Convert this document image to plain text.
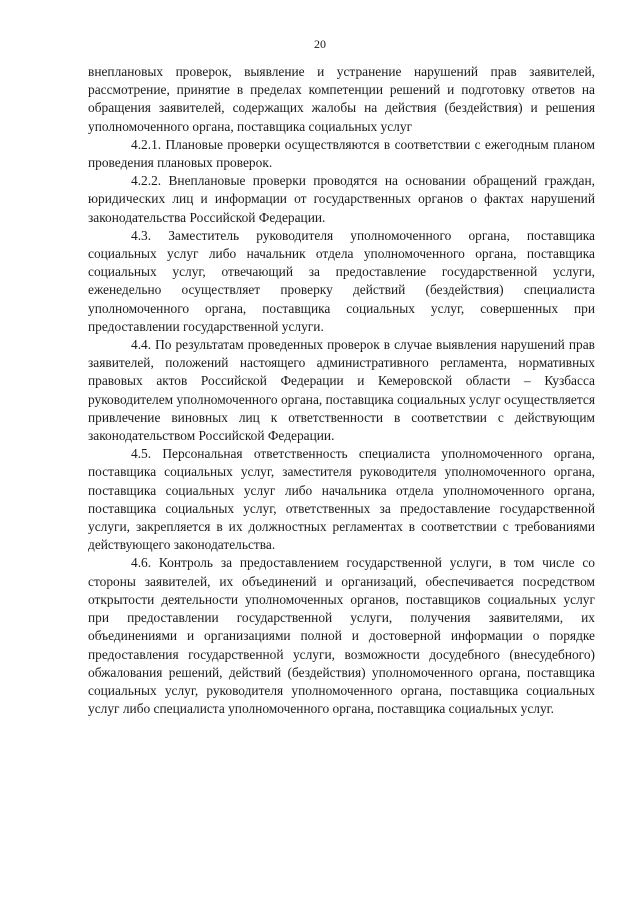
20

внеплановых проверок, выявление и устранение нарушений прав заявителей, рассмотрение, принятие в пределах компетенции решений и подготовку ответов на обращения заявителей, содержащих жалобы на действия (бездействия) и решения уполномоченного органа, поставщика социальных услуг

4.2.1. Плановые проверки осуществляются в соответствии с ежегодным планом проведения плановых проверок.

4.2.2. Внеплановые проверки проводятся на основании обращений граждан, юридических лиц и информации от государственных органов о фактах нарушений законодательства Российской Федерации.

4.3. Заместитель руководителя уполномоченного органа, поставщика социальных услуг либо начальник отдела уполномоченного органа, поставщика социальных услуг, отвечающий за предоставление государственной услуги, еженедельно осуществляет проверку действий (бездействия) специалиста уполномоченного органа, поставщика социальных услуг, совершенных при предоставлении государственной услуги.

4.4. По результатам проведенных проверок в случае выявления нарушений прав заявителей, положений настоящего административного регламента, нормативных правовых актов Российской Федерации и Кемеровской области – Кузбасса руководителем уполномоченного органа, поставщика социальных услуг осуществляется привлечение виновных лиц к ответственности в соответствии с действующим законодательством Российской Федерации.

4.5. Персональная ответственность специалиста уполномоченного органа, поставщика социальных услуг, заместителя руководителя уполномоченного органа, поставщика социальных услуг либо начальника отдела уполномоченного органа, поставщика социальных услуг, ответственных за предоставление государственной услуги, закрепляется в их должностных регламентах в соответствии с требованиями действующего законодательства.

4.6. Контроль за предоставлением государственной услуги, в том числе со стороны заявителей, их объединений и организаций, обеспечивается посредством открытости деятельности уполномоченных органов, поставщиков социальных услуг при предоставлении государственной услуги, получения заявителями, их объединениями и организациями полной и достоверной информации о порядке предоставления государственной услуги, возможности досудебного (внесудебного) обжалования решений, действий (бездействия) уполномоченного органа, поставщика социальных услуг, руководителя уполномоченного органа, поставщика социальных услуг либо специалиста уполномоченного органа, поставщика социальных услуг.
